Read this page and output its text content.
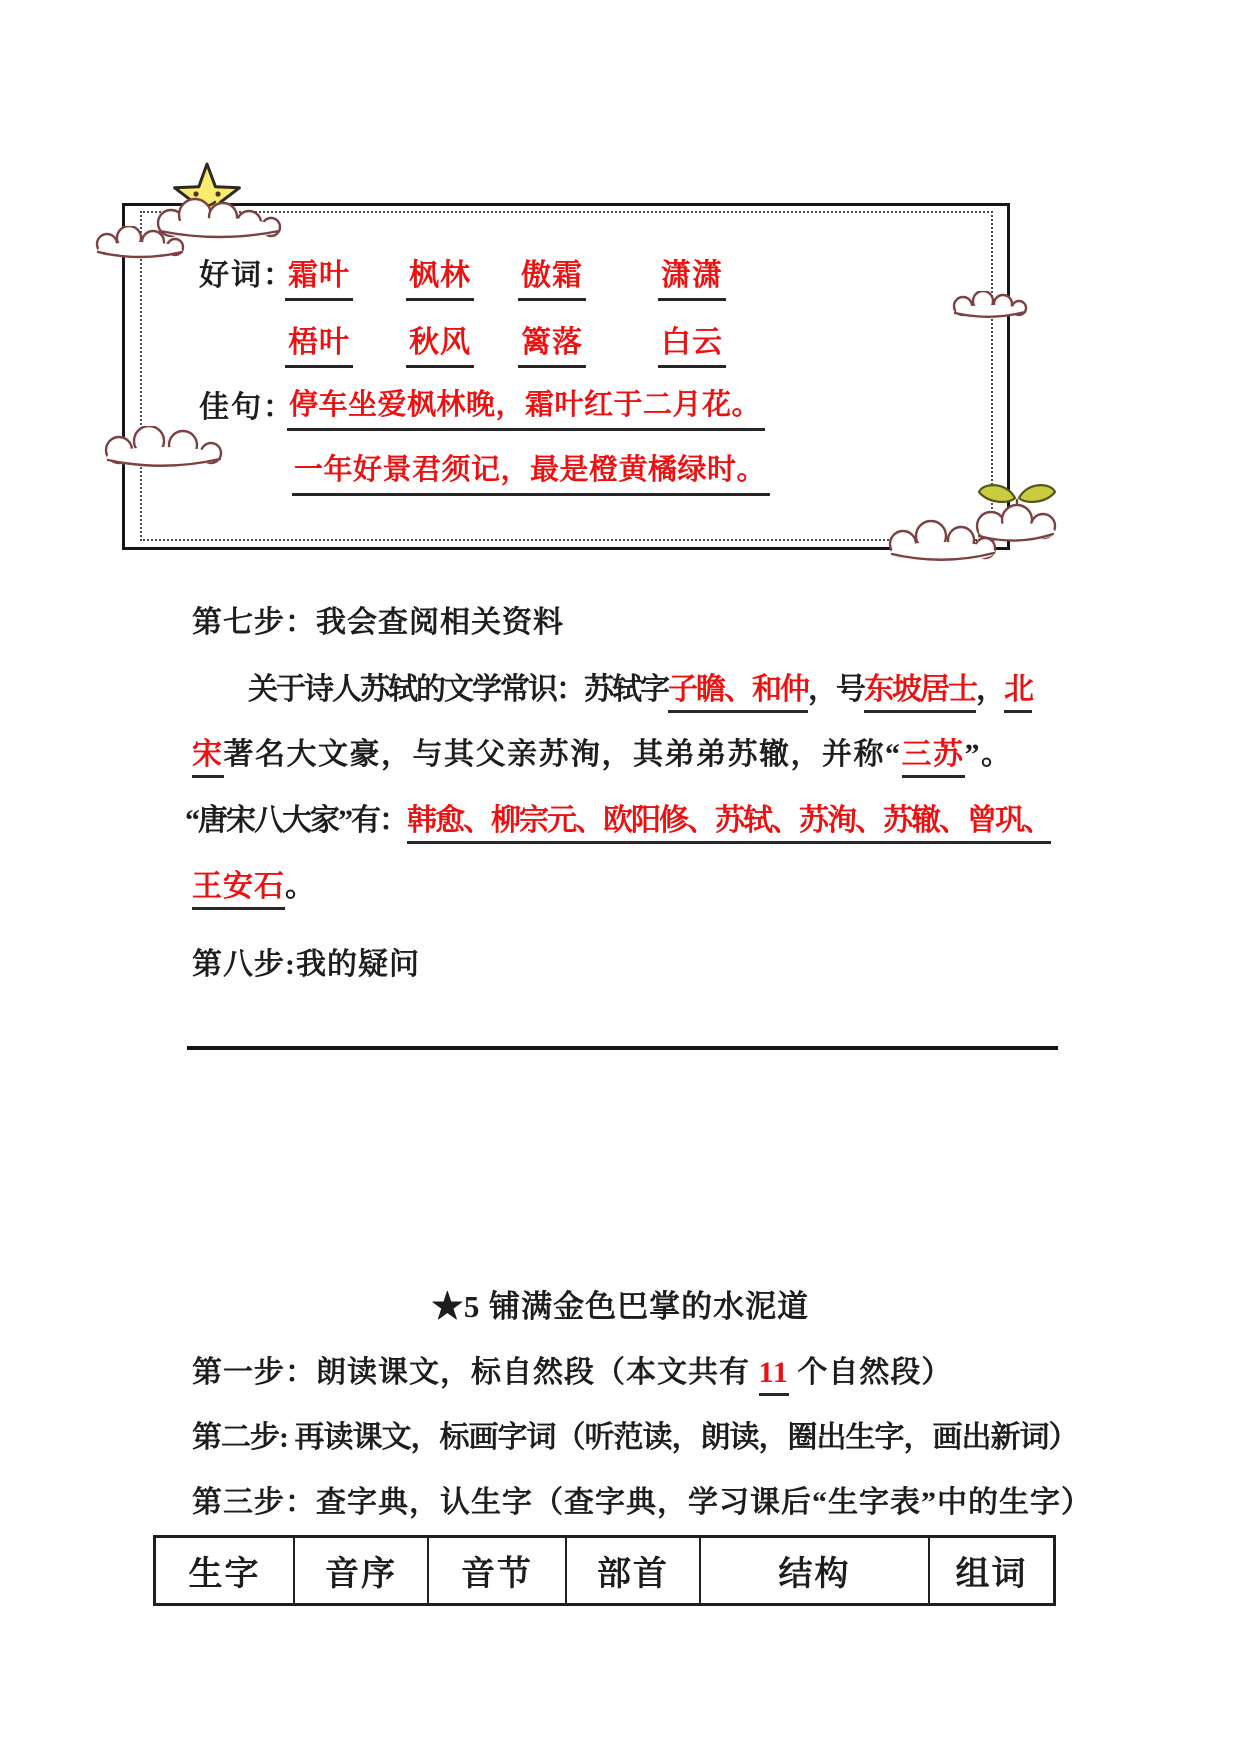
好词：
霜叶 枫林 傲霜	潇潇
梧叶 秋风 篱落	白云
佳句：
停车坐爱枫林晚，霜叶红于二月花。
一年好景君须记，最是橙黄橘绿时。
第七步：我会查阅相关资料
关于诗人苏轼的文学常识：苏轼字子瞻、和仲，号东坡居士，北
宋著名大文豪，与其父亲苏洵，其弟弟苏辙，并称“三苏”。
“唐宋八大家”有：韩愈、柳宗元、欧阳修、苏轼、苏洵、苏辙、曾巩、
王安石。
第八步:我的疑问
★5 铺满金色巴掌的水泥道
第一步：朗读课文，标自然段（本文共有 11 个自然段）
第二步: 再读课文，标画字词（听范读，朗读，圈出生字，画出新词）
第三步：查字典，认生字（查字典，学习课后“生字表”中的生字）
生字	音序	音节	部首	结构	组词
